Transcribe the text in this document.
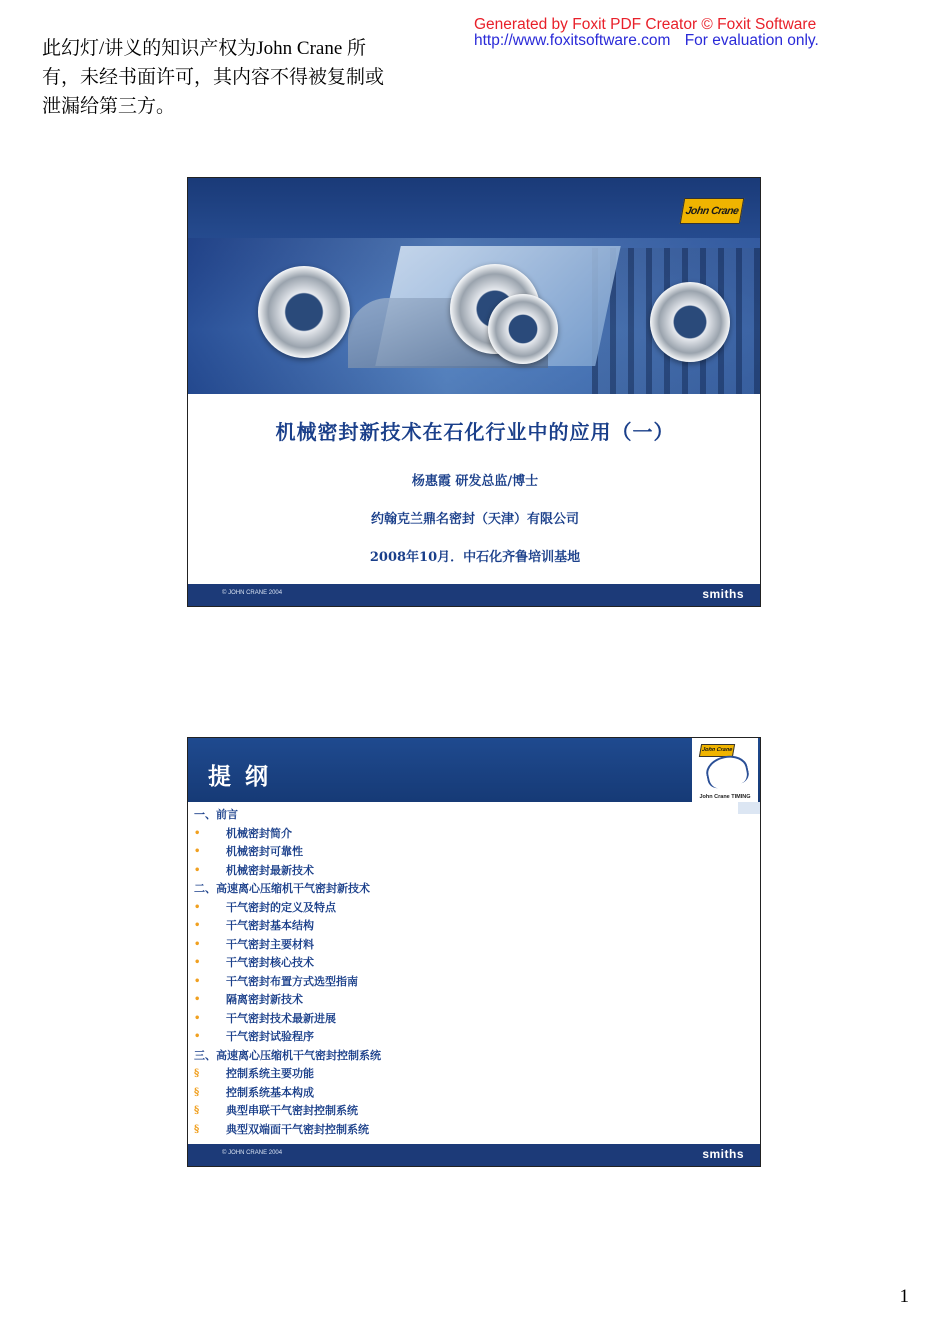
此幻灯/讲义的知识产权为John Crane 所有，未经书面许可，其内容不得被复制或泄漏给第三方。
Generated by Foxit PDF Creator © Foxit Software
http://www.foxitsoftware.com For evaluation only.
John Crane
机械密封新技术在石化行业中的应用（一）
杨惠霞 研发总监/博士
约翰克兰鼎名密封（天津）有限公司
2008年10月．中石化齐鲁培训基地
© JOHN CRANE 2004	smiths
提纲
John Crane
John Crane TIMING
一、前言
•	机械密封简介
•	机械密封可靠性
•	机械密封最新技术
二、高速离心压缩机干气密封新技术
•	干气密封的定义及特点
•	干气密封基本结构
•	干气密封主要材料
•	干气密封核心技术
•	干气密封布置方式选型指南
•	隔离密封新技术
•	干气密封技术最新进展
•	干气密封试验程序
三、高速离心压缩机干气密封控制系统
§	控制系统主要功能
§	控制系统基本构成
§	典型串联干气密封控制系统
§	典型双端面干气密封控制系统
© JOHN CRANE 2004	smiths
1
